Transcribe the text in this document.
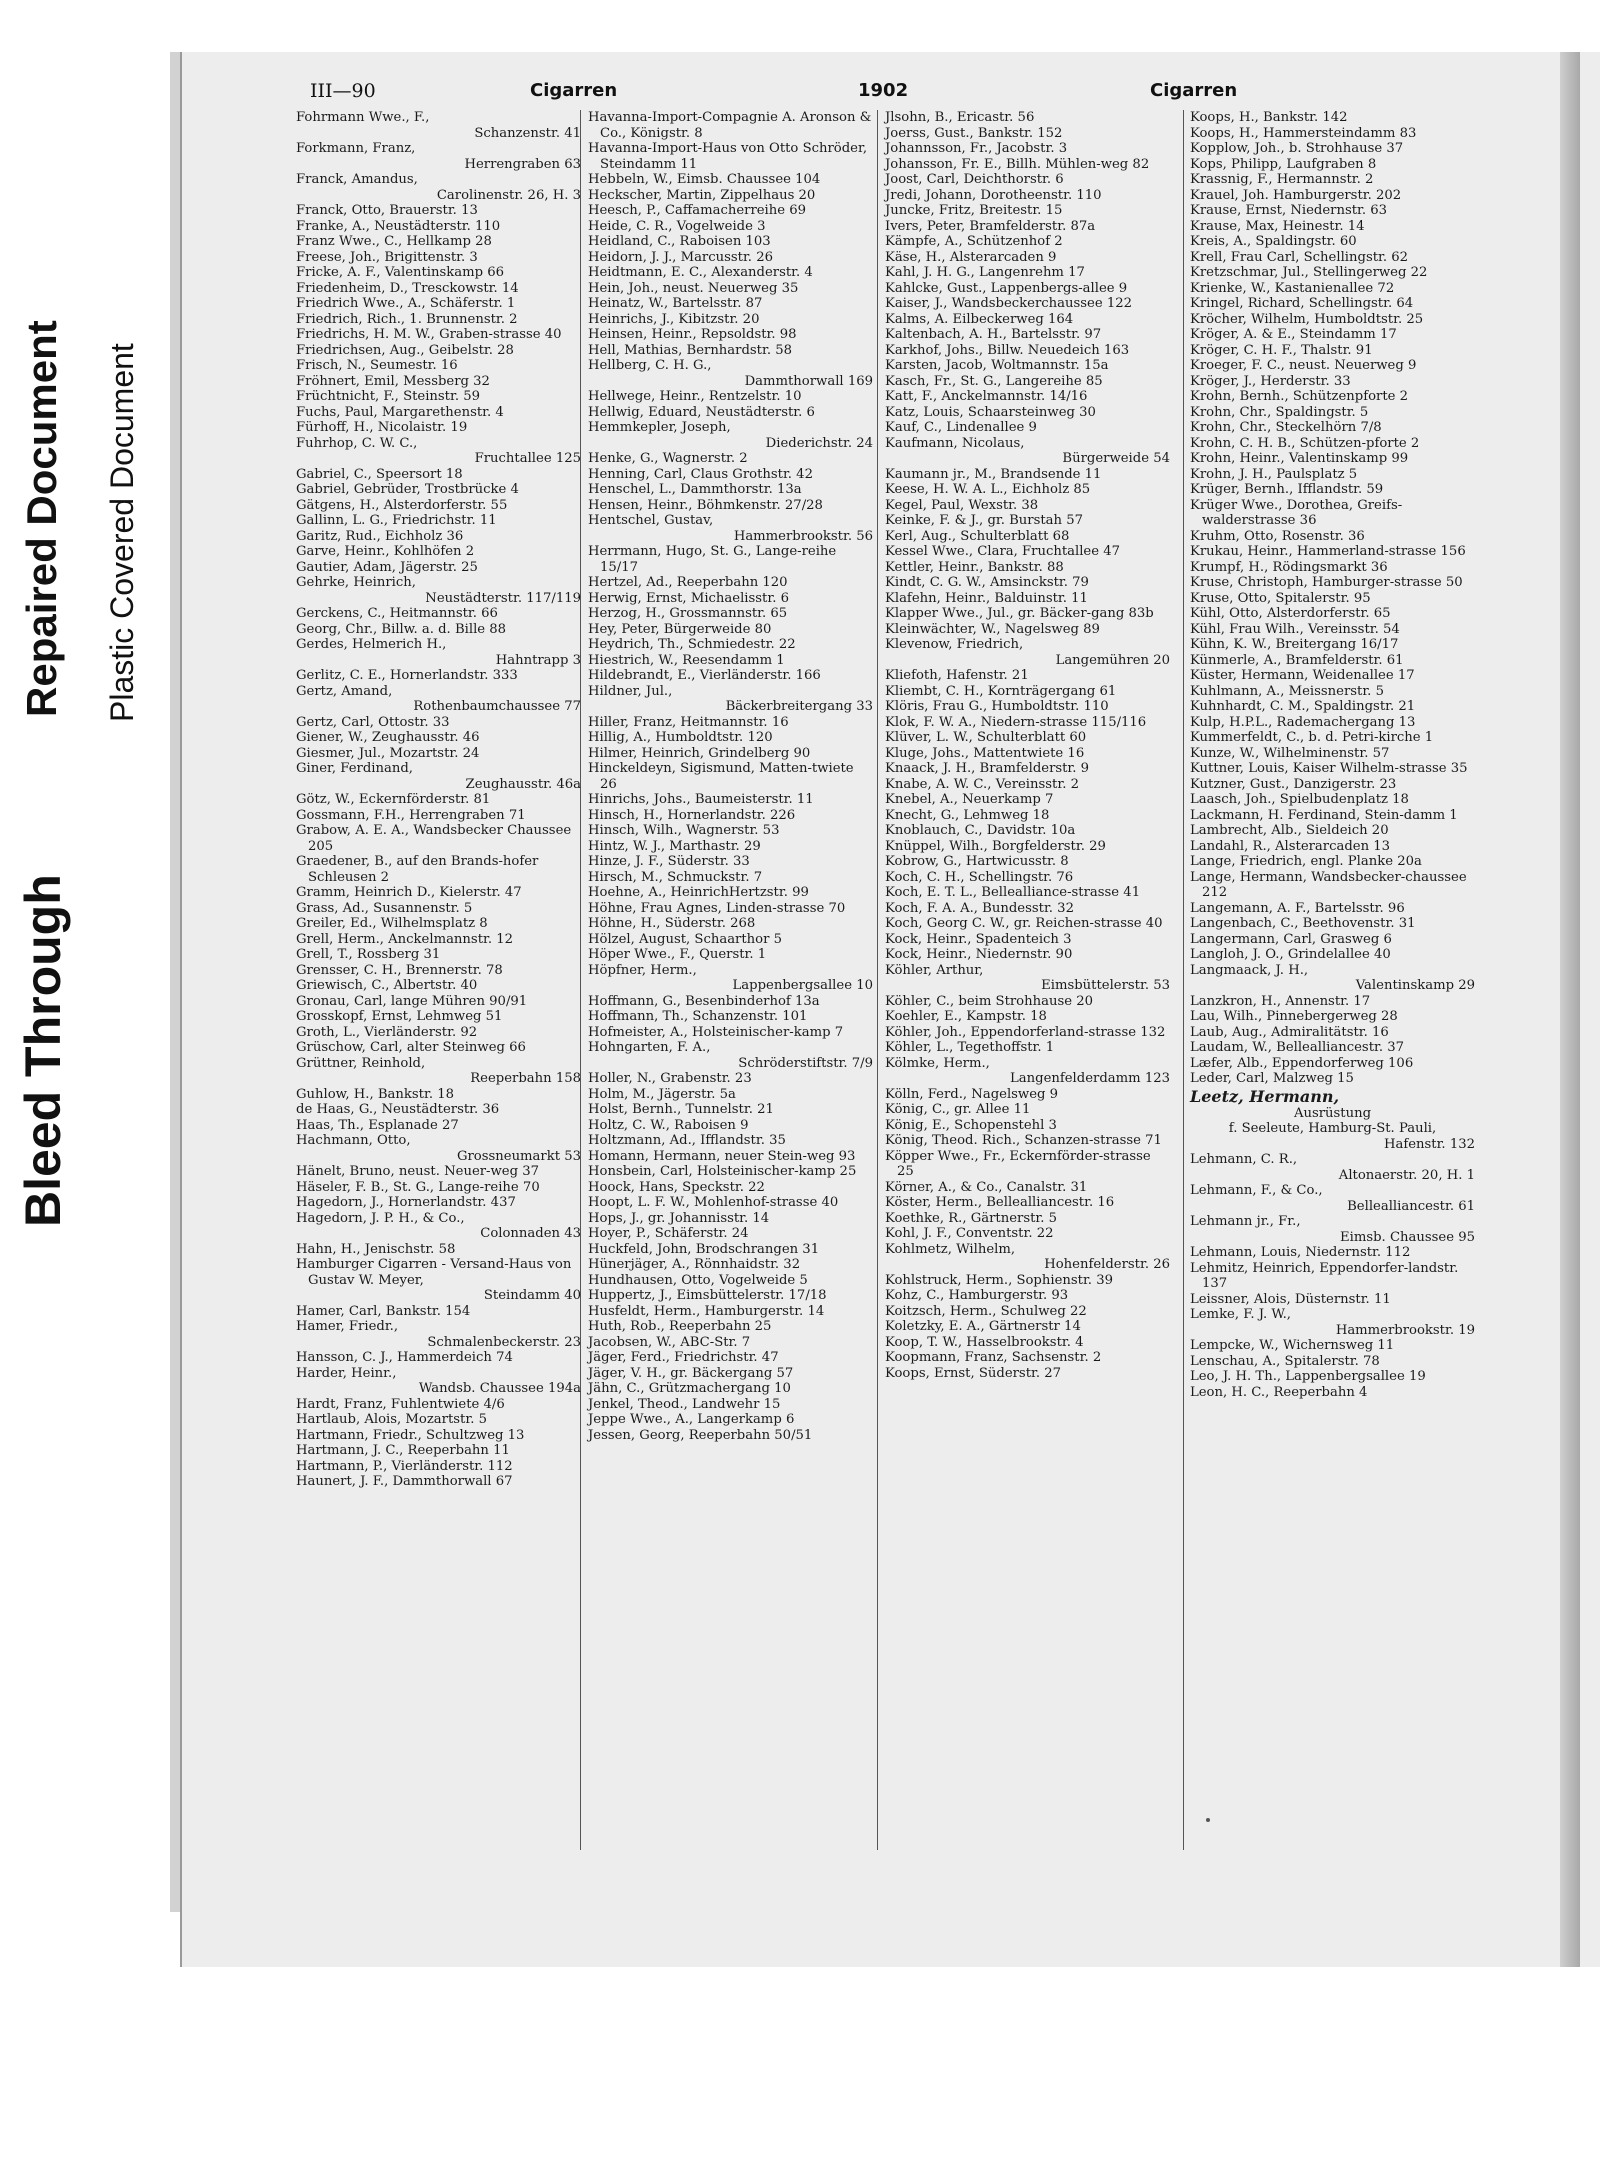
Bleed Through
Repaired Document Plastic Covered Document
III—90	Cigarren	1902	Cigarren
Fohrmann Wwe., F.,
Schanzenstr. 41
Forkmann, Franz,
Herrengraben 63
Franck, Amandus,
Carolinenstr. 26, H. 3
Franck, Otto, Brauerstr. 13
Franke, A., Neustädterstr. 110
Franz Wwe., C., Hellkamp 28
Freese, Joh., Brigittenstr. 3
Fricke, A. F., Valentinskamp 66
Friedenheim, D., Tresckowstr. 14
Friedrich Wwe., A., Schäferstr. 1
Friedrich, Rich., 1. Brunnenstr. 2
Friedrichs, H. M. W., Graben-strasse 40
Friedrichsen, Aug., Geibelstr. 28
Frisch, N., Seumestr. 16
Fröhnert, Emil, Messberg 32
Früchtnicht, F., Steinstr. 59
Fuchs, Paul, Margarethenstr. 4
Fürhoff, H., Nicolaistr. 19
Fuhrhop, C. W. C.,
Fruchtallee 125
Gabriel, C., Speersort 18
Gabriel, Gebrüder, Trostbrücke 4
Gätgens, H., Alsterdorferstr. 55
Gallinn, L. G., Friedrichstr. 11
Garitz, Rud., Eichholz 36
Garve, Heinr., Kohlhöfen 2
Gautier, Adam, Jägerstr. 25
Gehrke, Heinrich,
Neustädterstr. 117/119
Gerckens, C., Heitmannstr. 66
Georg, Chr., Billw. a. d. Bille 88
Gerdes, Helmerich H.,
Hahntrapp 3
Gerlitz, C. E., Hornerlandstr. 333
Gertz, Amand,
Rothenbaumchaussee 77
Gertz, Carl, Ottostr. 33
Giener, W., Zeughausstr. 46
Giesmer, Jul., Mozartstr. 24
Giner, Ferdinand,
Zeughausstr. 46a
Götz, W., Eckernförderstr. 81
Gossmann, F.H., Herrengraben 71
Grabow, A. E. A., Wandsbecker Chaussee 205
Graedener, B., auf den Brands-hofer Schleusen 2
Gramm, Heinrich D., Kielerstr. 47
Grass, Ad., Susannenstr. 5
Greiler, Ed., Wilhelmsplatz 8
Grell, Herm., Anckelmannstr. 12
Grell, T., Rossberg 31
Grensser, C. H., Brennerstr. 78
Griewisch, C., Albertstr. 40
Gronau, Carl, lange Mühren 90/91
Grosskopf, Ernst, Lehmweg 51
Groth, L., Vierländerstr. 92
Grüschow, Carl, alter Steinweg 66
Grüttner, Reinhold,
Reeperbahn 158
Guhlow, H., Bankstr. 18
de Haas, G., Neustädterstr. 36
Haas, Th., Esplanade 27
Hachmann, Otto,
Grossneumarkt 53
Hänelt, Bruno, neust. Neuer-weg 37
Häseler, F. B., St. G., Lange-reihe 70
Hagedorn, J., Hornerlandstr. 437
Hagedorn, J. P. H., & Co.,
Colonnaden 43
Hahn, H., Jenischstr. 58
Hamburger Cigarren - Versand-Haus von Gustav W. Meyer,
Steindamm 40
Hamer, Carl, Bankstr. 154
Hamer, Friedr.,
Schmalenbeckerstr. 23
Hansson, C. J., Hammerdeich 74
Harder, Heinr.,
Wandsb. Chaussee 194a
Hardt, Franz, Fuhlentwiete 4/6
Hartlaub, Alois, Mozartstr. 5
Hartmann, Friedr., Schultzweg 13
Hartmann, J. C., Reeperbahn 11
Hartmann, P., Vierländerstr. 112
Haunert, J. F., Dammthorwall 67
Havanna-Import-Compagnie A. Aronson & Co., Königstr. 8
Havanna-Import-Haus von Otto Schröder, Steindamm 11
Hebbeln, W., Eimsb. Chaussee 104
Heckscher, Martin, Zippelhaus 20
Heesch, P., Caffamacherreihe 69
Heide, C. R., Vogelweide 3
Heidland, C., Raboisen 103
Heidorn, J. J., Marcusstr. 26
Heidtmann, E. C., Alexanderstr. 4
Hein, Joh., neust. Neuerweg 35
Heinatz, W., Bartelsstr. 87
Heinrichs, J., Kibitzstr. 20
Heinsen, Heinr., Repsoldstr. 98
Hell, Mathias, Bernhardstr. 58
Hellberg, C. H. G.,
Dammthorwall 169
Hellwege, Heinr., Rentzelstr. 10
Hellwig, Eduard, Neustädterstr. 6
Hemmkepler, Joseph,
Diederichstr. 24
Henke, G., Wagnerstr. 2
Henning, Carl, Claus Grothstr. 42
Henschel, L., Dammthorstr. 13a
Hensen, Heinr., Böhmkenstr. 27/28
Hentschel, Gustav,
Hammerbrookstr. 56
Herrmann, Hugo, St. G., Lange-reihe 15/17
Hertzel, Ad., Reeperbahn 120
Herwig, Ernst, Michaelisstr. 6
Herzog, H., Grossmannstr. 65
Hey, Peter, Bürgerweide 80
Heydrich, Th., Schmiedestr. 22
Hiestrich, W., Reesendamm 1
Hildebrandt, E., Vierländerstr. 166
Hildner, Jul.,
Bäckerbreitergang 33
Hiller, Franz, Heitmannstr. 16
Hillig, A., Humboldtstr. 120
Hilmer, Heinrich, Grindelberg 90
Hinckeldeyn, Sigismund, Matten-twiete 26
Hinrichs, Johs., Baumeisterstr. 11
Hinsch, H., Hornerlandstr. 226
Hinsch, Wilh., Wagnerstr. 53
Hintz, W. J., Marthastr. 29
Hinze, J. F., Süderstr. 33
Hirsch, M., Schmuckstr. 7
Hoehne, A., HeinrichHertzstr. 99
Höhne, Frau Agnes, Linden-strasse 70
Höhne, H., Süderstr. 268
Hölzel, August, Schaarthor 5
Höper Wwe., F., Querstr. 1
Höpfner, Herm.,
Lappenbergsallee 10
Hoffmann, G., Besenbinderhof 13a
Hoffmann, Th., Schanzenstr. 101
Hofmeister, A., Holsteinischer-kamp 7
Hohngarten, F. A.,
Schröderstiftstr. 7/9
Holler, N., Grabenstr. 23
Holm, M., Jägerstr. 5a
Holst, Bernh., Tunnelstr. 21
Holtz, C. W., Raboisen 9
Holtzmann, Ad., Ifflandstr. 35
Homann, Hermann, neuer Stein-weg 93
Honsbein, Carl, Holsteinischer-kamp 25
Hoock, Hans, Speckstr. 22
Hoopt, L. F. W., Mohlenhof-strasse 40
Hops, J., gr. Johannisstr. 14
Hoyer, P., Schäferstr. 24
Huckfeld, John, Brodschrangen 31
Hünerjäger, A., Rönnhaidstr. 32
Hundhausen, Otto, Vogelweide 5
Huppertz, J., Eimsbüttelerstr. 17/18
Husfeldt, Herm., Hamburgerstr. 14
Huth, Rob., Reeperbahn 25
Jacobsen, W., ABC-Str. 7
Jäger, Ferd., Friedrichstr. 47
Jäger, V. H., gr. Bäckergang 57
Jähn, C., Grützmachergang 10
Jenkel, Theod., Landwehr 15
Jeppe Wwe., A., Langerkamp 6
Jessen, Georg, Reeperbahn 50/51
Jlsohn, B., Ericastr. 56
Joerss, Gust., Bankstr. 152
Johannsson, Fr., Jacobstr. 3
Johansson, Fr. E., Billh. Mühlen-weg 82
Joost, Carl, Deichthorstr. 6
Jredi, Johann, Dorotheenstr. 110
Juncke, Fritz, Breitestr. 15
Ivers, Peter, Bramfelderstr. 87a
Kämpfe, A., Schützenhof 2
Käse, H., Alsterarcaden 9
Kahl, J. H. G., Langenrehm 17
Kahlcke, Gust., Lappenbergs-allee 9
Kaiser, J., Wandsbeckerchaussee 122
Kalms, A. Eilbeckerweg 164
Kaltenbach, A. H., Bartelsstr. 97
Karkhof, Johs., Billw. Neuedeich 163
Karsten, Jacob, Woltmannstr. 15a
Kasch, Fr., St. G., Langereihe 85
Katt, F., Anckelmannstr. 14/16
Katz, Louis, Schaarsteinweg 30
Kauf, C., Lindenallee 9
Kaufmann, Nicolaus,
Bürgerweide 54
Kaumann jr., M., Brandsende 11
Keese, H. W. A. L., Eichholz 85
Kegel, Paul, Wexstr. 38
Keinke, F. & J., gr. Burstah 57
Kerl, Aug., Schulterblatt 68
Kessel Wwe., Clara, Fruchtallee 47
Kettler, Heinr., Bankstr. 88
Kindt, C. G. W., Amsinckstr. 79
Klafehn, Heinr., Balduinstr. 11
Klapper Wwe., Jul., gr. Bäcker-gang 83b
Kleinwächter, W., Nagelsweg 89
Klevenow, Friedrich,
Langemühren 20
Kliefoth, Hafenstr. 21
Kliembt, C. H., Kornträgergang 61
Klöris, Frau G., Humboldtstr. 110
Klok, F. W. A., Niedern-strasse 115/116
Klüver, L. W., Schulterblatt 60
Kluge, Johs., Mattentwiete 16
Knaack, J. H., Bramfelderstr. 9
Knabe, A. W. C., Vereinsstr. 2
Knebel, A., Neuerkamp 7
Knecht, G., Lehmweg 18
Knoblauch, C., Davidstr. 10a
Knüppel, Wilh., Borgfelderstr. 29
Kobrow, G., Hartwicusstr. 8
Koch, C. H., Schellingstr. 76
Koch, E. T. L., Bellealliance-strasse 41
Koch, F. A. A., Bundesstr. 32
Koch, Georg C. W., gr. Reichen-strasse 40
Kock, Heinr., Spadenteich 3
Kock, Heinr., Niedernstr. 90
Köhler, Arthur,
Eimsbüttelerstr. 53
Köhler, C., beim Strohhause 20
Koehler, E., Kampstr. 18
Köhler, Joh., Eppendorferland-strasse 132
Köhler, L., Tegethoffstr. 1
Kölmke, Herm.,
Langenfelderdamm 123
Kölln, Ferd., Nagelsweg 9
König, C., gr. Allee 11
König, E., Schopenstehl 3
König, Theod. Rich., Schanzen-strasse 71
Köpper Wwe., Fr., Eckernförder-strasse 25
Körner, A., & Co., Canalstr. 31
Köster, Herm., Bellealliancestr. 16
Koethke, R., Gärtnerstr. 5
Kohl, J. F., Conventstr. 22
Kohlmetz, Wilhelm,
Hohenfelderstr. 26
Kohlstruck, Herm., Sophienstr. 39
Kohz, C., Hamburgerstr. 93
Koitzsch, Herm., Schulweg 22
Koletzky, E. A., Gärtnerstr 14
Koop, T. W., Hasselbrookstr. 4
Koopmann, Franz, Sachsenstr. 2
Koops, Ernst, Süderstr. 27
Koops, H., Bankstr. 142
Koops, H., Hammersteindamm 83
Kopplow, Joh., b. Strohhause 37
Kops, Philipp, Laufgraben 8
Krassnig, F., Hermannstr. 2
Krauel, Joh. Hamburgerstr. 202
Krause, Ernst, Niedernstr. 63
Krause, Max, Heinestr. 14
Kreis, A., Spaldingstr. 60
Krell, Frau Carl, Schellingstr. 62
Kretzschmar, Jul., Stellingerweg 22
Krienke, W., Kastanienallee 72
Kringel, Richard, Schellingstr. 64
Kröcher, Wilhelm, Humboldtstr. 25
Kröger, A. & E., Steindamm 17
Kröger, C. H. F., Thalstr. 91
Kroeger, F. C., neust. Neuerweg 9
Kröger, J., Herderstr. 33
Krohn, Bernh., Schützenpforte 2
Krohn, Chr., Spaldingstr. 5
Krohn, Chr., Steckelhörn 7/8
Krohn, C. H. B., Schützen-pforte 2
Krohn, Heinr., Valentinskamp 99
Krohn, J. H., Paulsplatz 5
Krüger, Bernh., Ifflandstr. 59
Krüger Wwe., Dorothea, Greifs-walderstrasse 36
Kruhm, Otto, Rosenstr. 36
Krukau, Heinr., Hammerland-strasse 156
Krumpf, H., Rödingsmarkt 36
Kruse, Christoph, Hamburger-strasse 50
Kruse, Otto, Spitalerstr. 95
Kühl, Otto, Alsterdorferstr. 65
Kühl, Frau Wilh., Vereinsstr. 54
Kühn, K. W., Breitergang 16/17
Künmerle, A., Bramfelderstr. 61
Küster, Hermann, Weidenallee 17
Kuhlmann, A., Meissnerstr. 5
Kuhnhardt, C. M., Spaldingstr. 21
Kulp, H.P.L., Rademachergang 13
Kummerfeldt, C., b. d. Petri-kirche 1
Kunze, W., Wilhelminenstr. 57
Kuttner, Louis, Kaiser Wilhelm-strasse 35
Kutzner, Gust., Danzigerstr. 23
Laasch, Joh., Spielbudenplatz 18
Lackmann, H. Ferdinand, Stein-damm 1
Lambrecht, Alb., Sieldeich 20
Landahl, R., Alsterarcaden 13
Lange, Friedrich, engl. Planke 20a
Lange, Hermann, Wandsbecker-chaussee 212
Langemann, A. F., Bartelsstr. 96
Langenbach, C., Beethovenstr. 31
Langermann, Carl, Grasweg 6
Langloh, J. O., Grindelallee 40
Langmaack, J. H.,
Valentinskamp 29
Lanzkron, H., Annenstr. 17
Lau, Wilh., Pinnebergerweg 28
Laub, Aug., Admiralitätstr. 16
Laudam, W., Bellealliancestr. 37
Læfer, Alb., Eppendorferweg 106
Leder, Carl, Malzweg 15
Leetz, Hermann,
Ausrüstung
f. Seeleute, Hamburg-St. Pauli,
Hafenstr. 132
Lehmann, C. R.,
Altonaerstr. 20, H. 1
Lehmann, F., & Co.,
Bellealliancestr. 61
Lehmann jr., Fr.,
Eimsb. Chaussee 95
Lehmann, Louis, Niedernstr. 112
Lehmitz, Heinrich, Eppendorfer-landstr. 137
Leissner, Alois, Düsternstr. 11
Lemke, F. J. W.,
Hammerbrookstr. 19
Lempcke, W., Wichernsweg 11
Lenschau, A., Spitalerstr. 78
Leo, J. H. Th., Lappenbergsallee 19
Leon, H. C., Reeperbahn 4
